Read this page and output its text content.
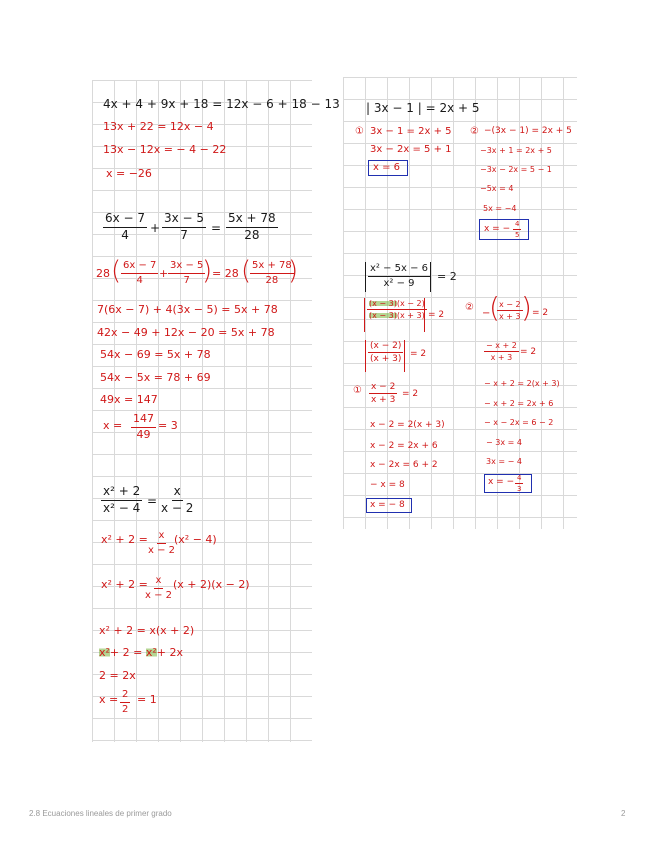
4x + 4 + 9x + 18 = 12x − 6 + 18 − 13
13x + 22 = 12x − 4
13x − 12x = − 4 − 22
x = −26
$\frac{6x - 7}{4} + \frac{3x - 5}{7} = \frac{5x + 78}{28}$
28 ( $\frac{6x - 7}{4} + \frac{3x - 5}{7}$
) = 28 (
$\frac{5x + 78}{28}$
)
7(6x − 7) + 4(3x − 5) = 5x + 78
42x − 49 + 12x − 20 = 5x + 78
54x − 69 = 5x + 78
54x − 5x = 78 + 69
49x = 147
$x = \frac{147}{49} = 3$
$\frac{\text{x² + 2}}{\text{x² − 4}} = \frac{x}{x - 2}$
$x^2 + 2 = \frac{x}{x - 2}$
(x² − 4)
x² + 2 =
$\frac{x}{x - 2} (x + 2)(x - 2)$
x² + 2 = x(x + 2)
x²+ 2 = x²+ 2x
2 = 2x
$x = \frac{2}{2} = 1$
| 3x − 1 | = 2x + 5
① 3x − 1 = 2x + 5
3x − 2x = 5 + 1
x = 6
② −(3x − 1) = 2x + 5
−3x + 1 = 2x + 5
−3x − 2x = 5 − 1
−5x = 4
5x = −4
x = − $\frac{4}{5}$
$\frac{\text{x² − 5x − 6}}{\text{x² − 9}} = 2$
$\frac{(x - 3)(x - 2)}{(x - 3)(x + 3)} = 2$
②
−
(
$\frac{x - 2}{x + 3}$
) = 2
$\frac{(x - 2)}{(x + 3)} = 2$	$\frac{- x + 2}{x + 3} = 2$
① $\frac{x - 2}{x + 3} = 2$
x − 2 = 2(x + 3)
x − 2 = 2x + 6
x − 2x = 6 + 2
− x = 8
x = − 8
− x + 2 = 2(x + 3)
− x + 2 = 2x + 6
− x − 2x = 6 − 2
− 3x = 4
3x = − 4
x = − $\frac{4}{3}$
2.8 Ecuaciones lineales de primer grado	2
